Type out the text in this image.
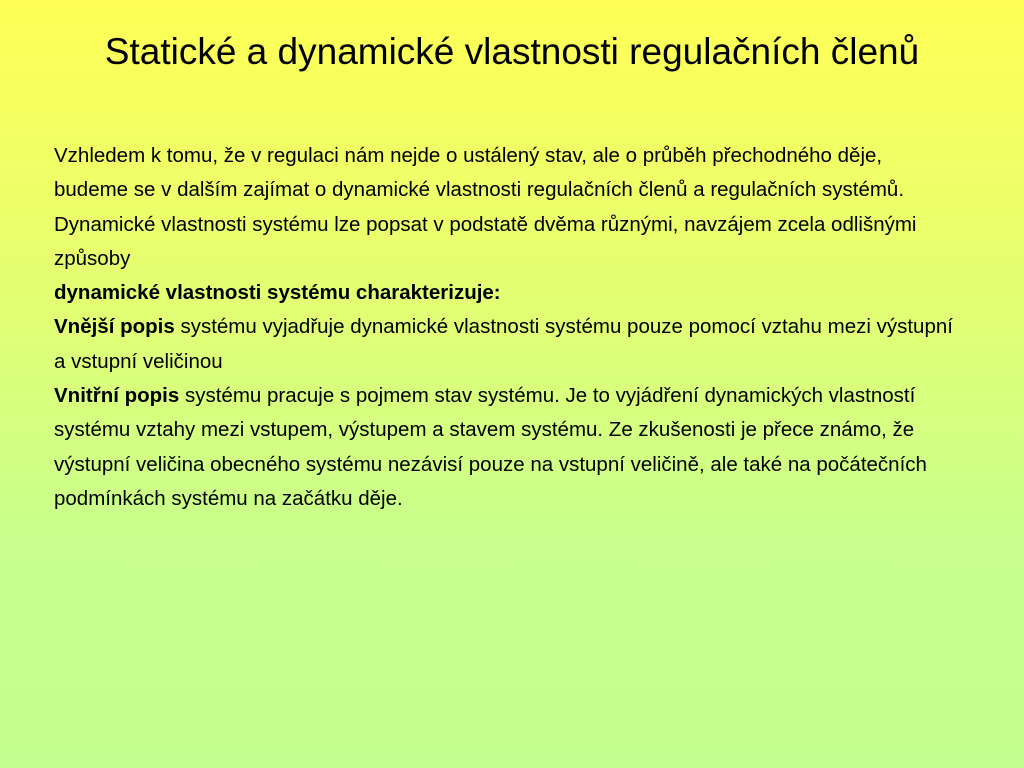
Statické a dynamické vlastnosti regulačních členů

Vzhledem k tomu, že v regulaci nám nejde o ustálený stav, ale o průběh přechodného děje, budeme se v dalším zajímat o dynamické vlastnosti regulačních členů a regulačních systémů.

Dynamické vlastnosti systému lze popsat v podstatě dvěma různými, navzájem zcela odlišnými způsoby

dynamické vlastnosti systému charakterizuje:

Vnější popis systému vyjadřuje dynamické vlastnosti systému pouze pomocí vztahu mezi výstupní a vstupní veličinou

Vnitřní popis systému pracuje s pojmem stav systému. Je to vyjádření dynamických vlastností systému vztahy mezi vstupem, výstupem a stavem systému. Ze zkušenosti je přece známo, že výstupní veličina obecného systému nezávisí pouze na vstupní veličině, ale také na počátečních podmínkách systému na začátku děje.
